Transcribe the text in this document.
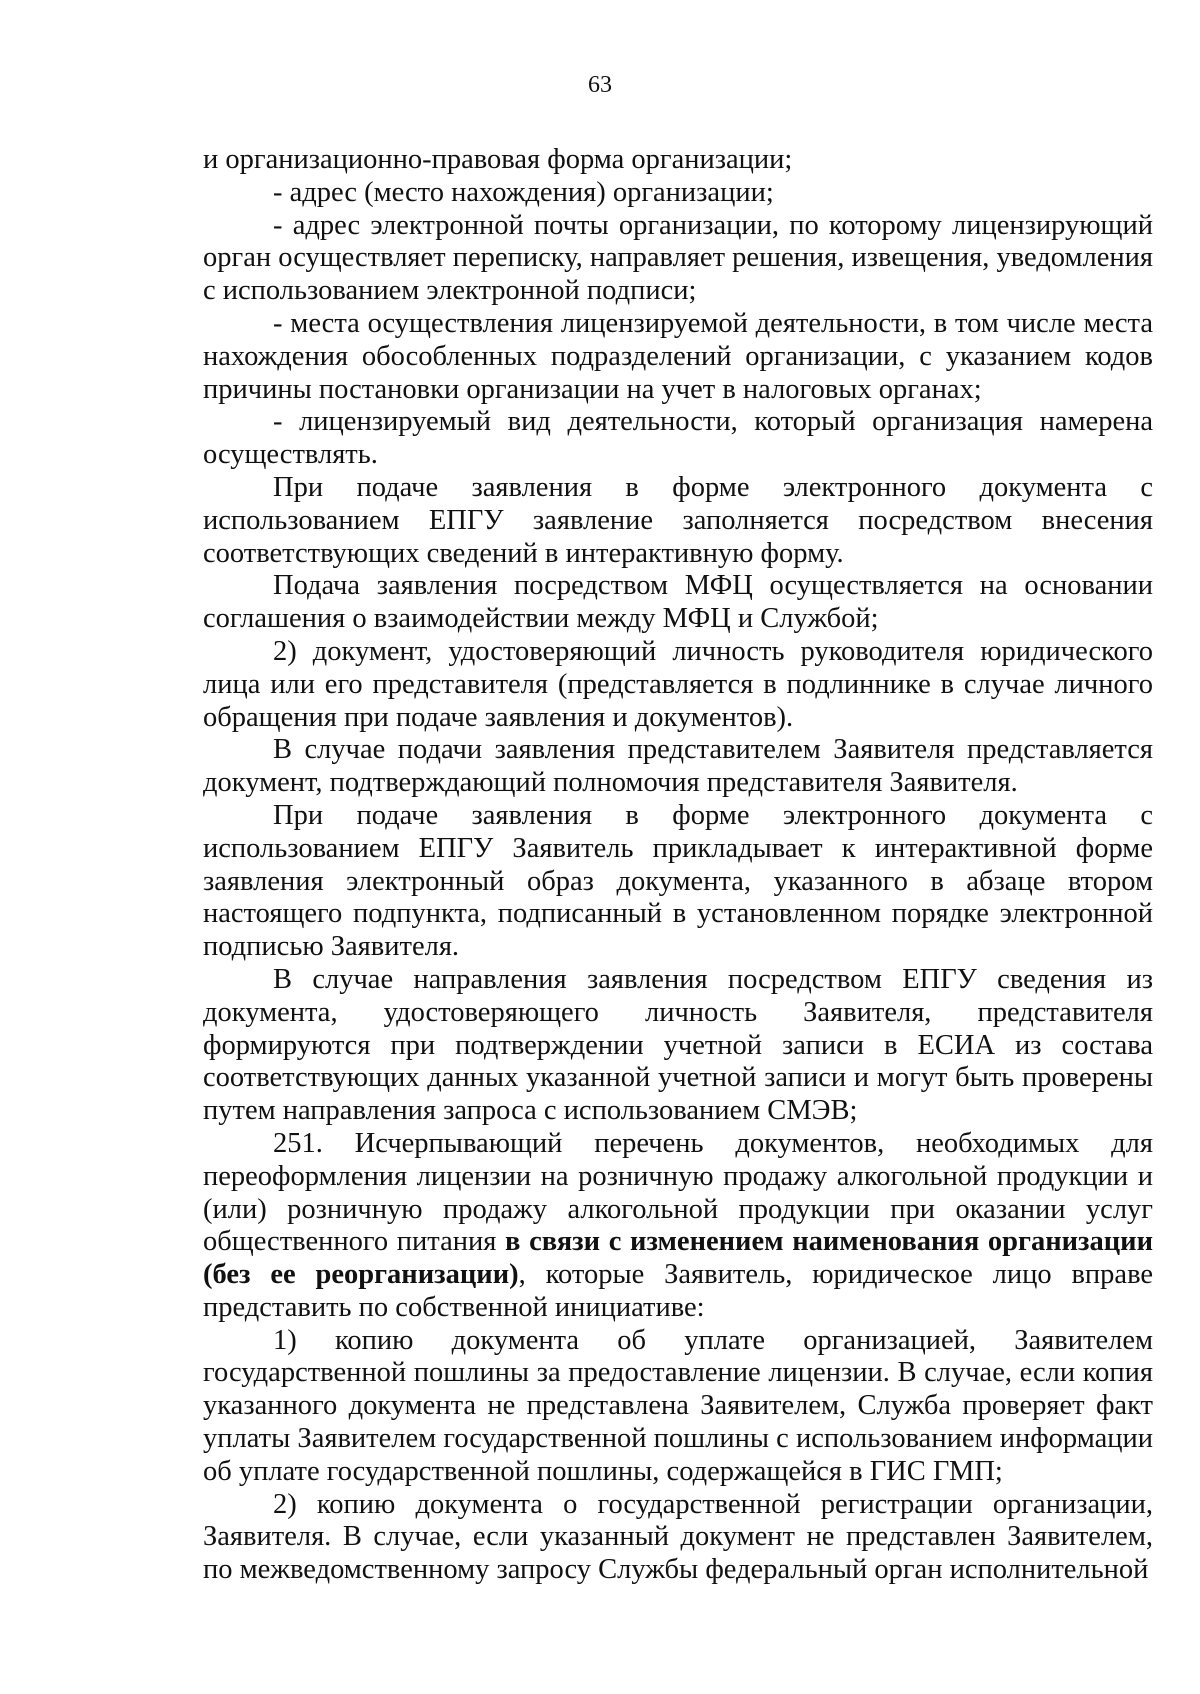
63

и организационно-правовая форма организации;

- адрес (место нахождения) организации;

- адрес электронной почты организации, по которому лицензирующий орган осуществляет переписку, направляет решения, извещения, уведомления с использованием электронной подписи;

- места осуществления лицензируемой деятельности, в том числе места нахождения обособленных подразделений организации, с указанием кодов причины постановки организации на учет в налоговых органах;

- лицензируемый вид деятельности, который организация намерена осуществлять.

При подаче заявления в форме электронного документа с использованием ЕПГУ заявление заполняется посредством внесения соответствующих сведений в интерактивную форму.

Подача заявления посредством МФЦ осуществляется на основании соглашения о взаимодействии между МФЦ и Службой;

2) документ, удостоверяющий личность руководителя юридического лица или его представителя (представляется в подлиннике в случае личного обращения при подаче заявления и документов).

В случае подачи заявления представителем Заявителя представляется документ, подтверждающий полномочия представителя Заявителя.

При подаче заявления в форме электронного документа с использованием ЕПГУ Заявитель прикладывает к интерактивной форме заявления электронный образ документа, указанного в абзаце втором настоящего подпункта, подписанный в установленном порядке электронной подписью Заявителя.

В случае направления заявления посредством ЕПГУ сведения из документа, удостоверяющего личность Заявителя, представителя формируются при подтверждении учетной записи в ЕСИА из состава соответствующих данных указанной учетной записи и могут быть проверены путем направления запроса с использованием СМЭВ;

251. Исчерпывающий перечень документов, необходимых для переоформления лицензии на розничную продажу алкогольной продукции и (или) розничную продажу алкогольной продукции при оказании услуг общественного питания в связи с изменением наименования организации (без ее реорганизации), которые Заявитель, юридическое лицо вправе представить по собственной инициативе:

1) копию документа об уплате организацией, Заявителем государственной пошлины за предоставление лицензии. В случае, если копия указанного документа не представлена Заявителем, Служба проверяет факт уплаты Заявителем государственной пошлины с использованием информации об уплате государственной пошлины, содержащейся в ГИС ГМП;

2) копию документа о государственной регистрации организации, Заявителя. В случае, если указанный документ не представлен Заявителем, по межведомственному запросу Службы федеральный орган исполнительной
